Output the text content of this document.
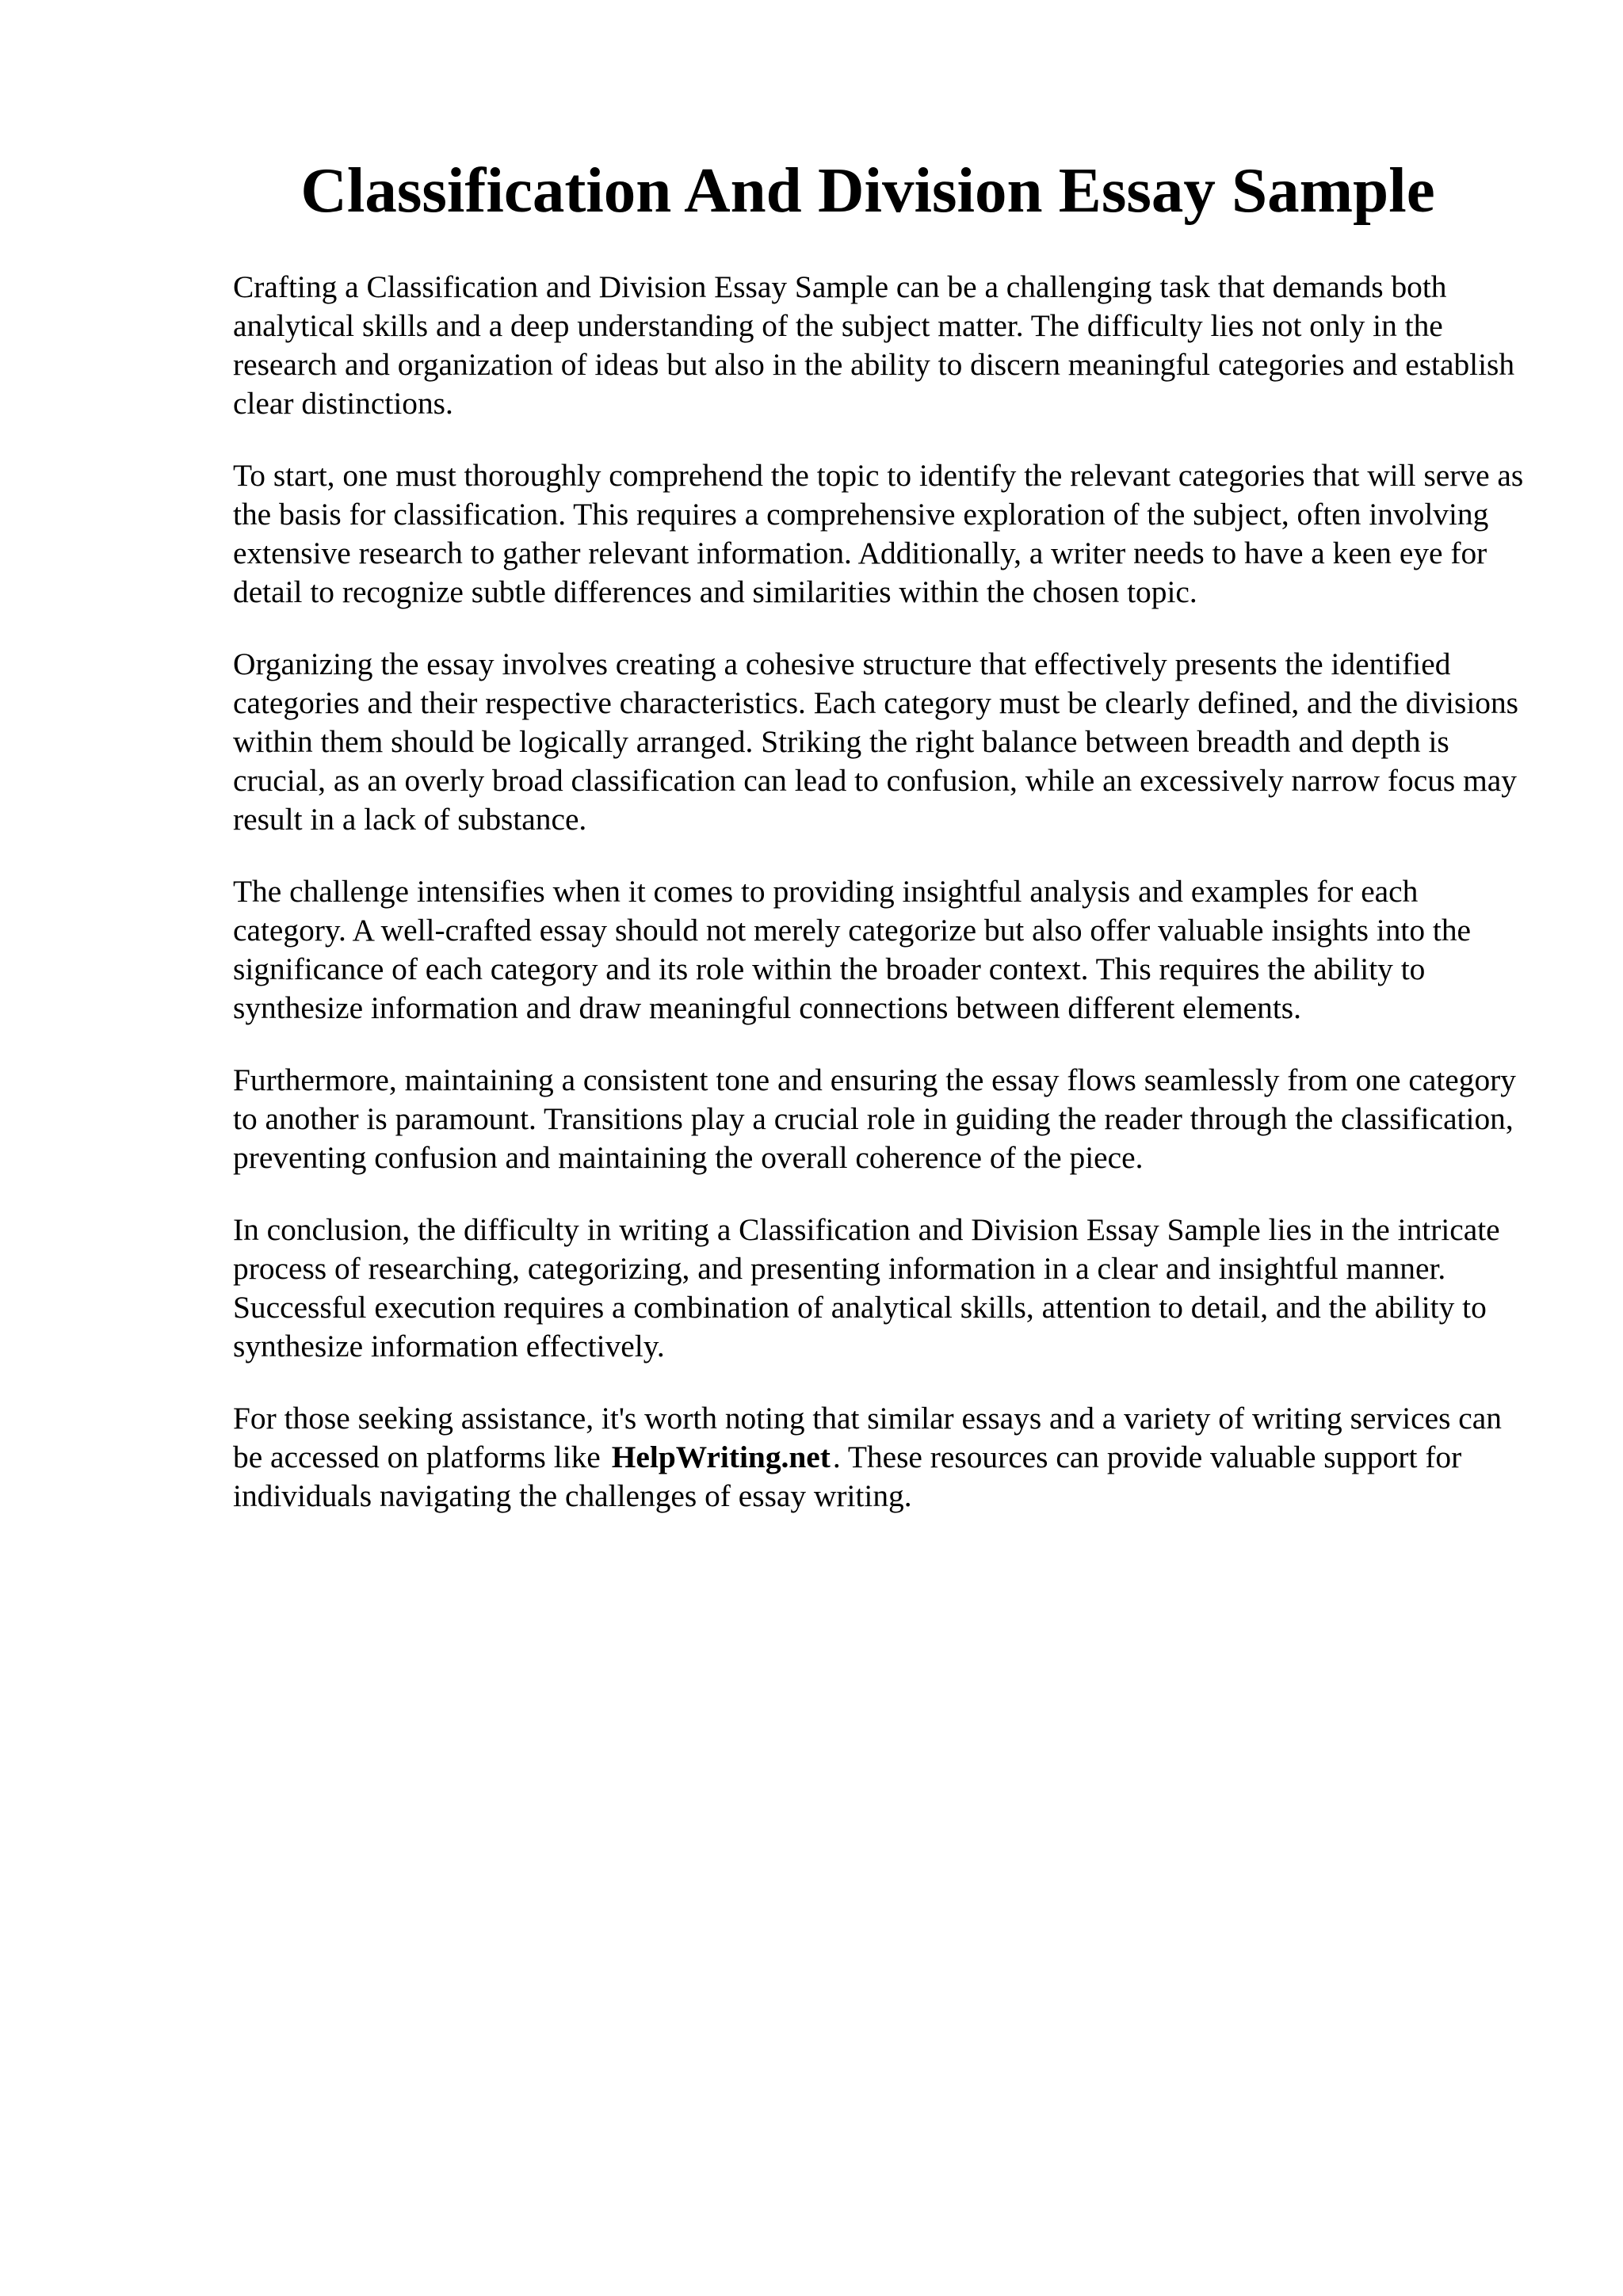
Classification And Division Essay Sample

Crafting a Classification and Division Essay Sample can be a challenging task that demands both analytical skills and a deep understanding of the subject matter. The difficulty lies not only in the research and organization of ideas but also in the ability to discern meaningful categories and establish clear distinctions.

To start, one must thoroughly comprehend the topic to identify the relevant categories that will serve as the basis for classification. This requires a comprehensive exploration of the subject, often involving extensive research to gather relevant information. Additionally, a writer needs to have a keen eye for detail to recognize subtle differences and similarities within the chosen topic.

Organizing the essay involves creating a cohesive structure that effectively presents the identified categories and their respective characteristics. Each category must be clearly defined, and the divisions within them should be logically arranged. Striking the right balance between breadth and depth is crucial, as an overly broad classification can lead to confusion, while an excessively narrow focus may result in a lack of substance.

The challenge intensifies when it comes to providing insightful analysis and examples for each category. A well-crafted essay should not merely categorize but also offer valuable insights into the significance of each category and its role within the broader context. This requires the ability to synthesize information and draw meaningful connections between different elements.

Furthermore, maintaining a consistent tone and ensuring the essay flows seamlessly from one category to another is paramount. Transitions play a crucial role in guiding the reader through the classification, preventing confusion and maintaining the overall coherence of the piece.

In conclusion, the difficulty in writing a Classification and Division Essay Sample lies in the intricate process of researching, categorizing, and presenting information in a clear and insightful manner. Successful execution requires a combination of analytical skills, attention to detail, and the ability to synthesize information effectively.

For those seeking assistance, it's worth noting that similar essays and a variety of writing services can be accessed on platforms like HelpWriting.net. These resources can provide valuable support for individuals navigating the challenges of essay writing.
